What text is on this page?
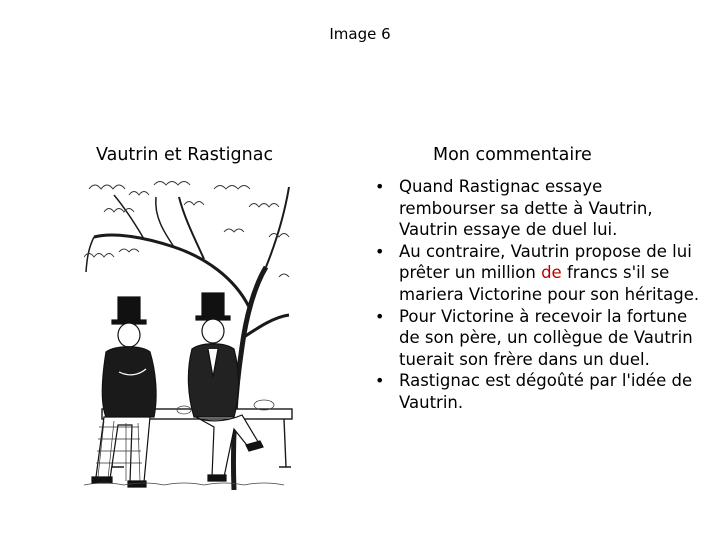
Image 6
Vautrin et Rastignac	Mon commentaire
• Quand Rastignac essaye rembourser sa dette à Vautrin, Vautrin essaye de duel lui.
• Au contraire, Vautrin propose de lui prêter un million de francs s'il se mariera Victorine pour son héritage.
• Pour Victorine à recevoir la fortune de son père, un collègue de Vautrin tuerait son frère dans un duel.
• Rastignac est dégoûté par l'idée de Vautrin.
